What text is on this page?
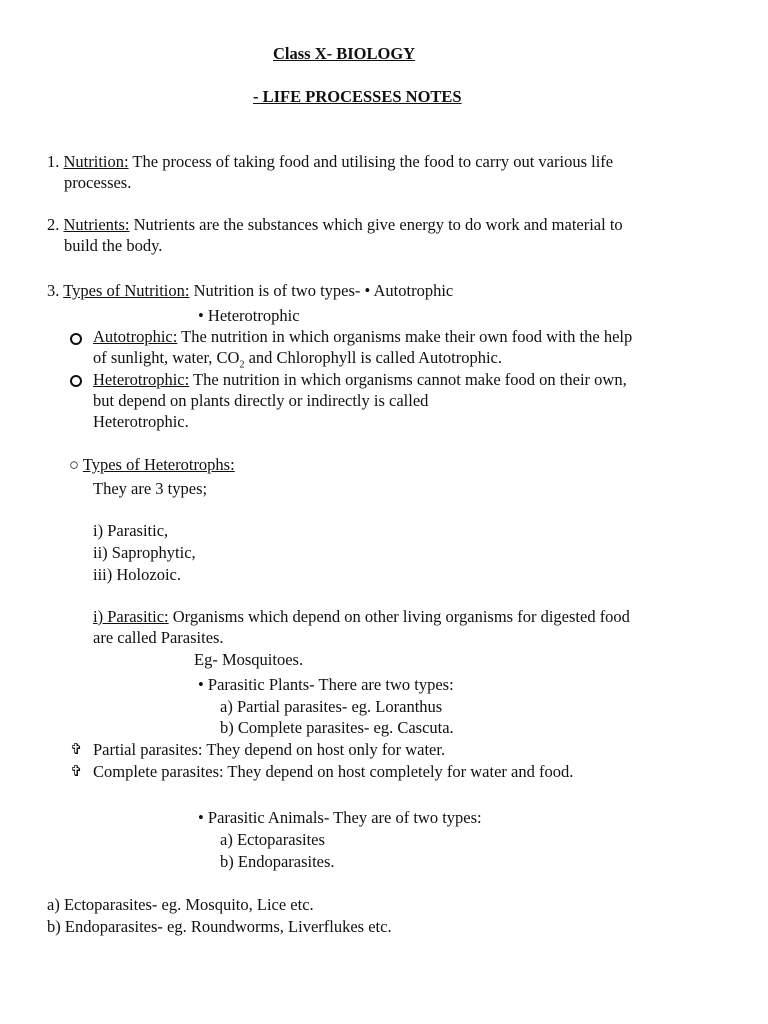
Class X- BIOLOGY
- LIFE PROCESSES NOTES
1. Nutrition: The process of taking food and utilising the food to carry out various life
processes.
2. Nutrients: Nutrients are the substances which give energy to do work and material to
build the body.
3. Types of Nutrition: Nutrition is of two types- • Autotrophic
• Heterotrophic
Autotrophic: The nutrition in which organisms make their own food with the help
of sunlight, water, $CO_2$ and Chlorophyll is called Autotrophic.
Heterotrophic: The nutrition in which organisms cannot make food on their own,
but depend on plants directly or indirectly is called
Heterotrophic.
○ Types of Heterotrophs:
They are 3 types;
i) Parasitic,
ii) Saprophytic,
iii) Holozoic.
i) Parasitic: Organisms which depend on other living organisms for digested food
are called Parasites.
Eg- Mosquitoes.
• Parasitic Plants- There are two types:
a) Partial parasites- eg. Loranthus
b) Complete parasites- eg. Cascuta.
✞ Partial parasites: They depend on host only for water.
✞ Complete parasites: They depend on host completely for water and food.
• Parasitic Animals- They are of two types:
a) Ectoparasites
b) Endoparasites.
a) Ectoparasites- eg. Mosquito, Lice etc.
b) Endoparasites- eg. Roundworms, Liverflukes etc.
